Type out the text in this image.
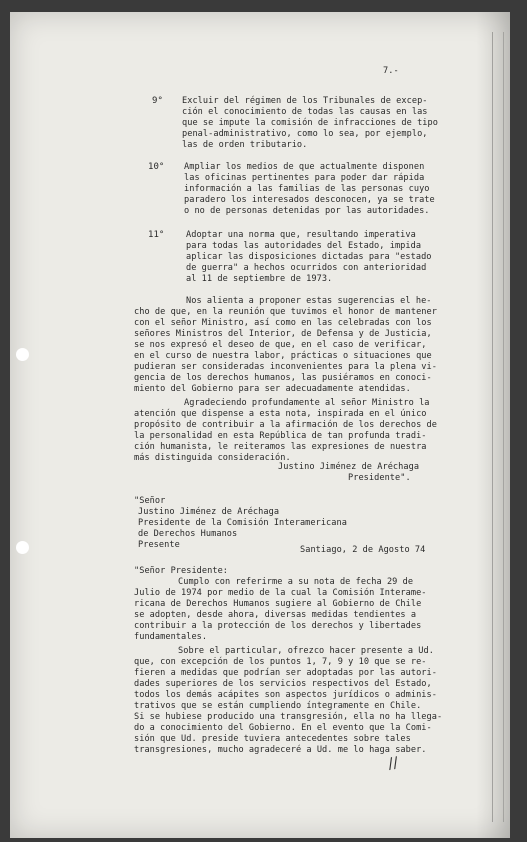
7.-
9° Excluir del régimen de los Tribunales de excep-
ción el conocimiento de todas las causas en las
que se impute la comisión de infracciones de tipo
penal-administrativo, como lo sea, por ejemplo,
las de orden tributario.
10° Ampliar los medios de que actualmente disponen
las oficinas pertinentes para poder dar rápida
información a las familias de las personas cuyo
paradero los interesados desconocen, ya se trate
o no de personas detenidas por las autoridades.
11°	Adoptar una norma que, resultando imperativa
para todas las autoridades del Estado, impida
aplicar las disposiciones dictadas para "estado
de guerra" a hechos ocurridos con anterioridad
al 11 de septiembre de 1973.
Nos alienta a proponer estas sugerencias el he-
cho de que, en la reunión que tuvimos el honor de mantener
con el señor Ministro, así como en las celebradas con los
señores Ministros del Interior, de Defensa y de Justicia,
se nos expresó el deseo de que, en el caso de verificar,
en el curso de nuestra labor, prácticas o situaciones que
pudieran ser consideradas inconvenientes para la plena vi-
gencia de los derechos humanos, las pusiéramos en conoci-
miento del Gobierno para ser adecuadamente atendidas.
Agradeciendo profundamente al señor Ministro la
atención que dispense a esta nota, inspirada en el único
propósito de contribuir a la afirmación de los derechos de
la personalidad en esta República de tan profunda tradi-
ción humanista, le reiteramos las expresiones de nuestra
más distinguida consideración.
Justino Jiménez de Aréchaga
Presidente".
"Señor
Justino Jiménez de Aréchaga
Presidente de la Comisión Interamericana
de Derechos Humanos
Presente	Santiago, 2 de Agosto 74
"Señor Presidente:
Cumplo con referirme a su nota de fecha 29 de
Julio de 1974 por medio de la cual la Comisión Interame-
ricana de Derechos Humanos sugiere al Gobierno de Chile
se adopten, desde ahora, diversas medidas tendientes a
contribuir a la protección de los derechos y libertades
fundamentales.
Sobre el particular, ofrezco hacer presente a Ud.
que, con excepción de los puntos 1, 7, 9 y 10 que se re-
fieren a medidas que podrían ser adoptadas por las autori-
dades superiores de los servicios respectivos del Estado,
todos los demás acápites son aspectos jurídicos o adminis-
trativos que se están cumpliendo íntegramente en Chile.
Si se hubiese producido una transgresión, ella no ha llega-
do a conocimiento del Gobierno. En el evento que la Comi-
sión que Ud. preside tuviera antecedentes sobre tales
transgresiones, mucho agradeceré a Ud. me lo haga saber.
//
